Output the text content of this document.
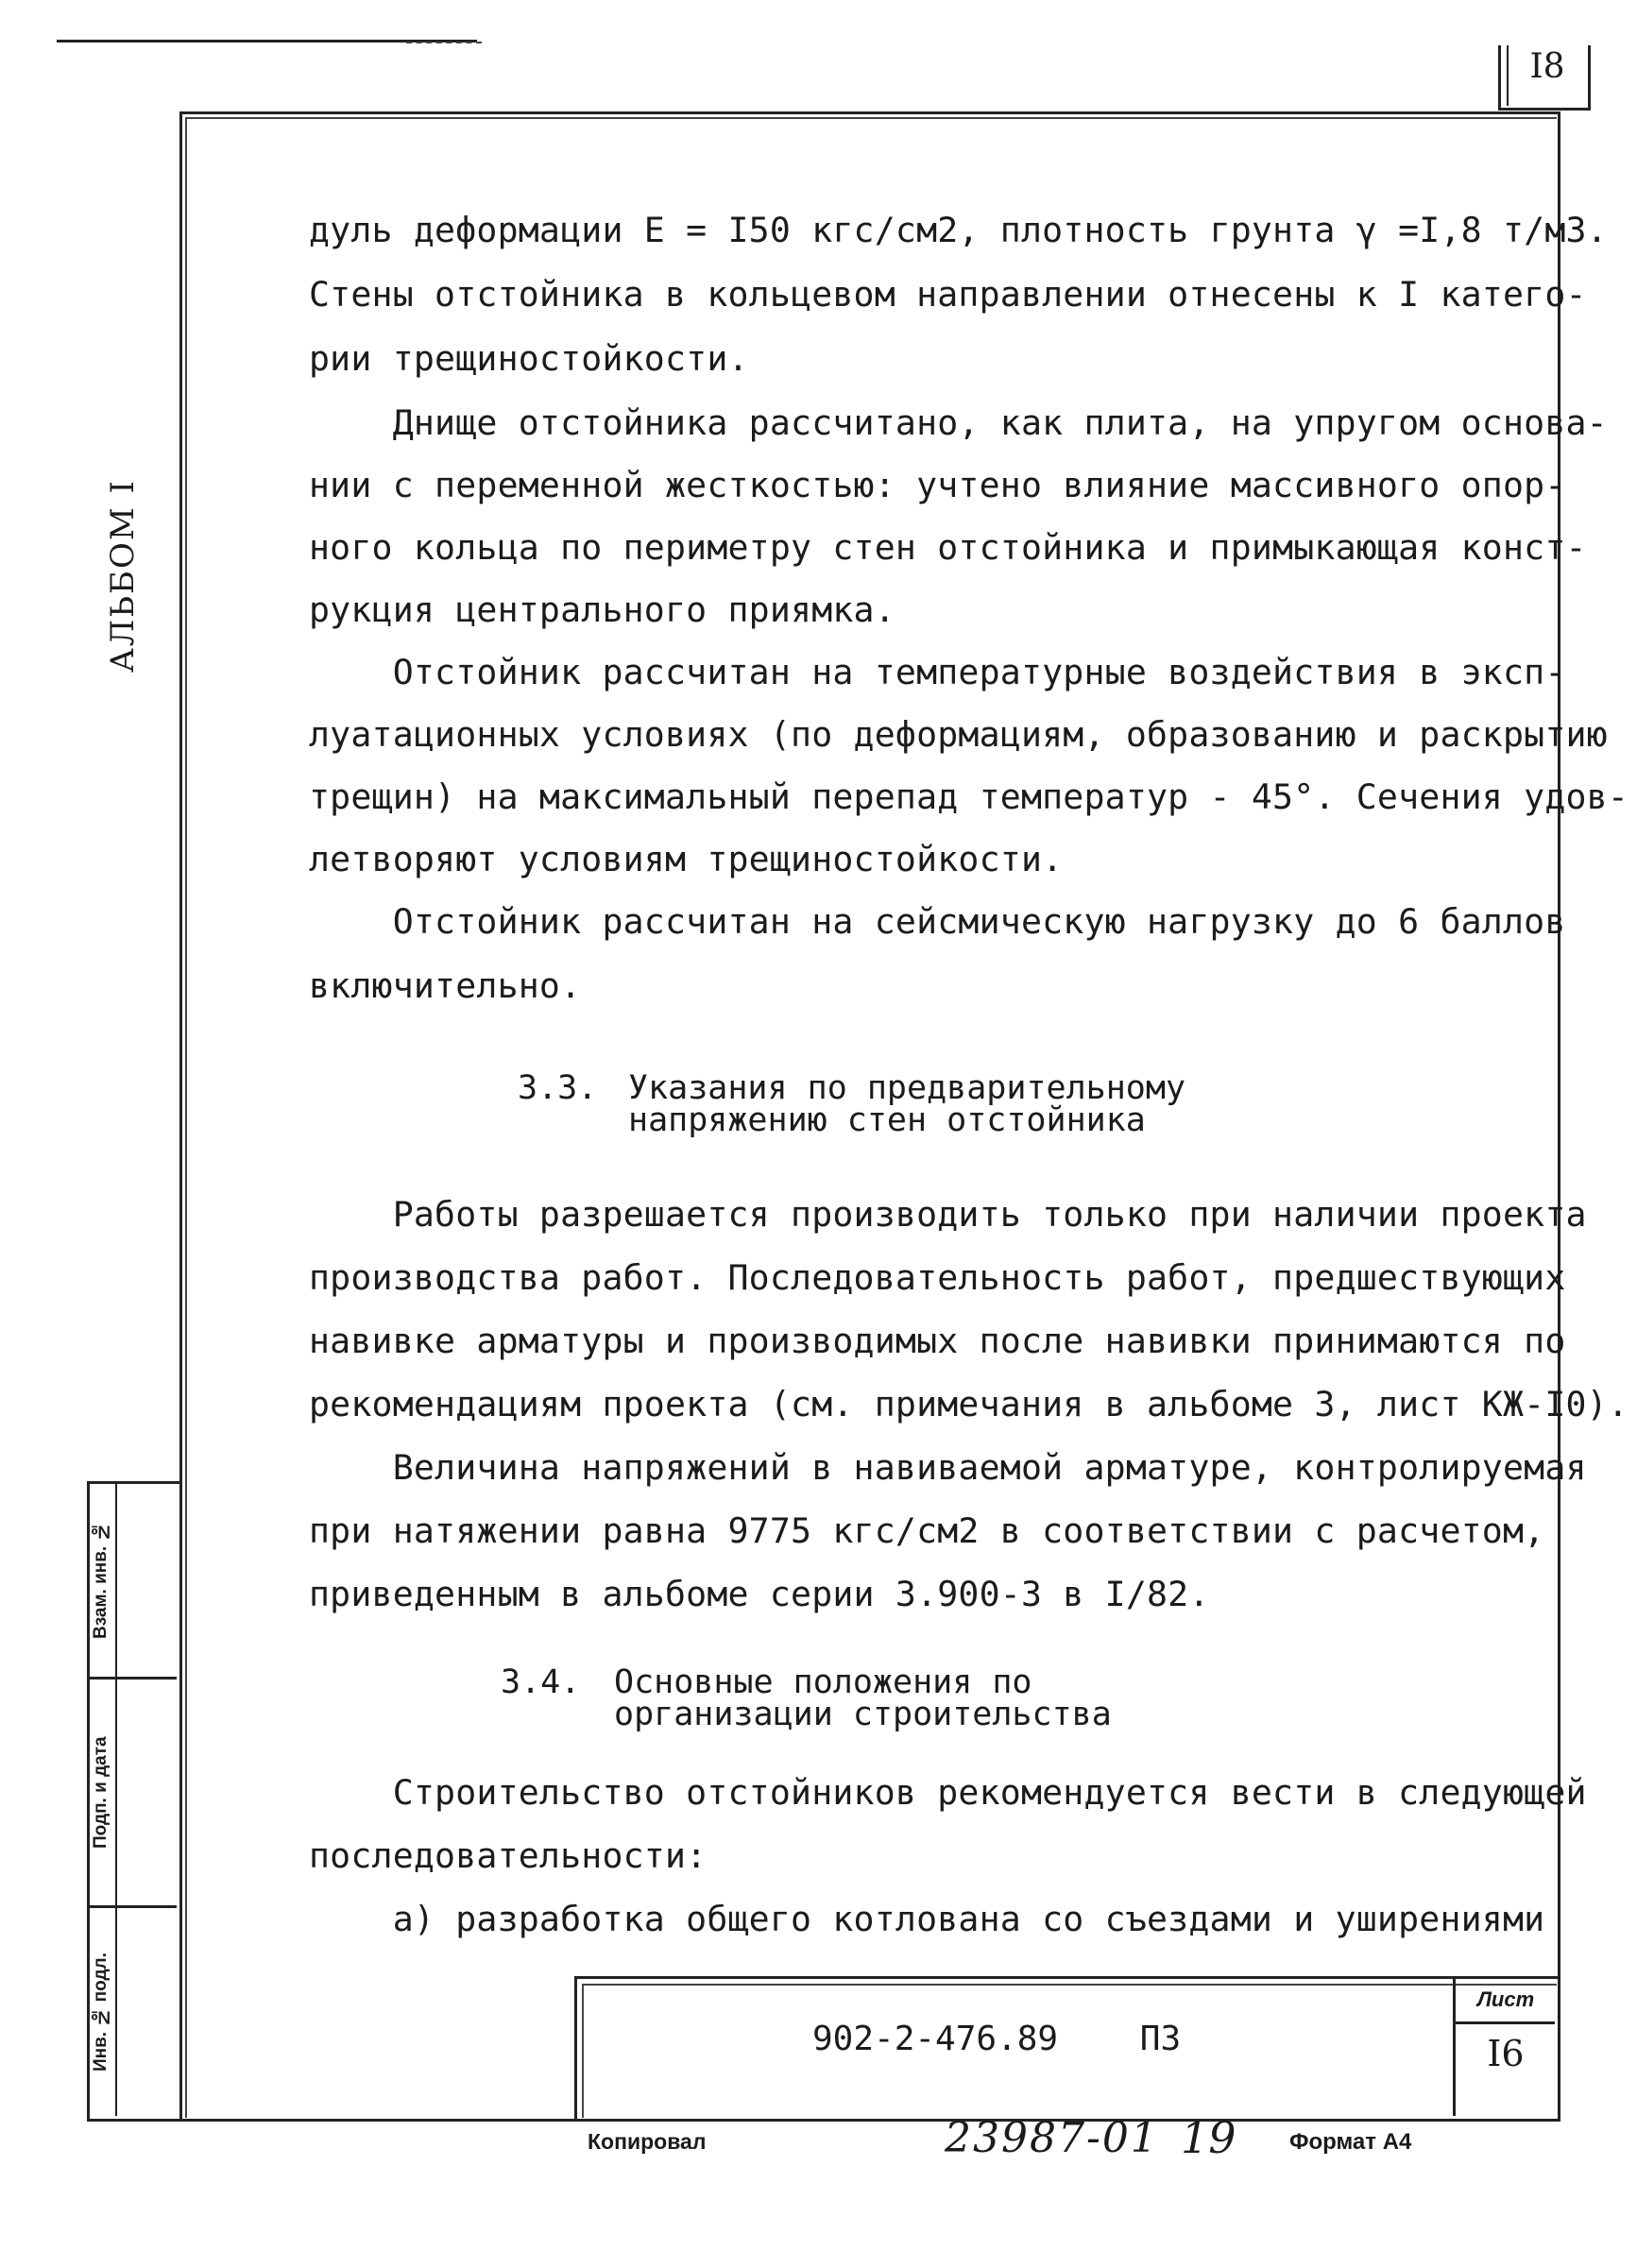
I8
АЛЬБОМ I
Взам. инв. №
Подп. и дата
Инв. № подл.
дуль деформации E = I50 кгс/см2, плотность грунта γ =I,8 т/м3.
Стены отстойника в кольцевом направлении отнесены к I катего-
рии трещиностойкости.
Днище отстойника рассчитано, как плита, на упругом основа-
нии с переменной жесткостью: учтено влияние массивного опор-
ного кольца по периметру стен отстойника и примыкающая конст-
рукция центрального приямка.
Отстойник рассчитан на температурные воздействия в эксп-
луатационных условиях (по деформациям, образованию и раскрытию
трещин) на максимальный перепад температур - 45°. Сечения удов-
летворяют условиям трещиностойкости.
Отстойник рассчитан на сейсмическую нагрузку до 6 баллов
включительно.
3.3. Указания по предварительному
напряжению стен отстойника
Работы разрешается производить только при наличии проекта
производства работ. Последовательность работ, предшествующих
навивке арматуры и производимых после навивки принимаются по
рекомендациям проекта (см. примечания в альбоме 3, лист КЖ-I0).
Величина напряжений в навиваемой арматуре, контролируемая
при натяжении равна 9775 кгс/см2 в соответствии с расчетом,
приведенным в альбоме серии 3.900-3 в I/82.
3.4. Основные положения по
организации строительства
Строительство отстойников рекомендуется вести в следующей
последовательности:
а) разработка общего котлована со съездами и уширениями
902-2-476.89    ПЗ
Лист
I6
Копировал	23987-01 19 Формат А4
